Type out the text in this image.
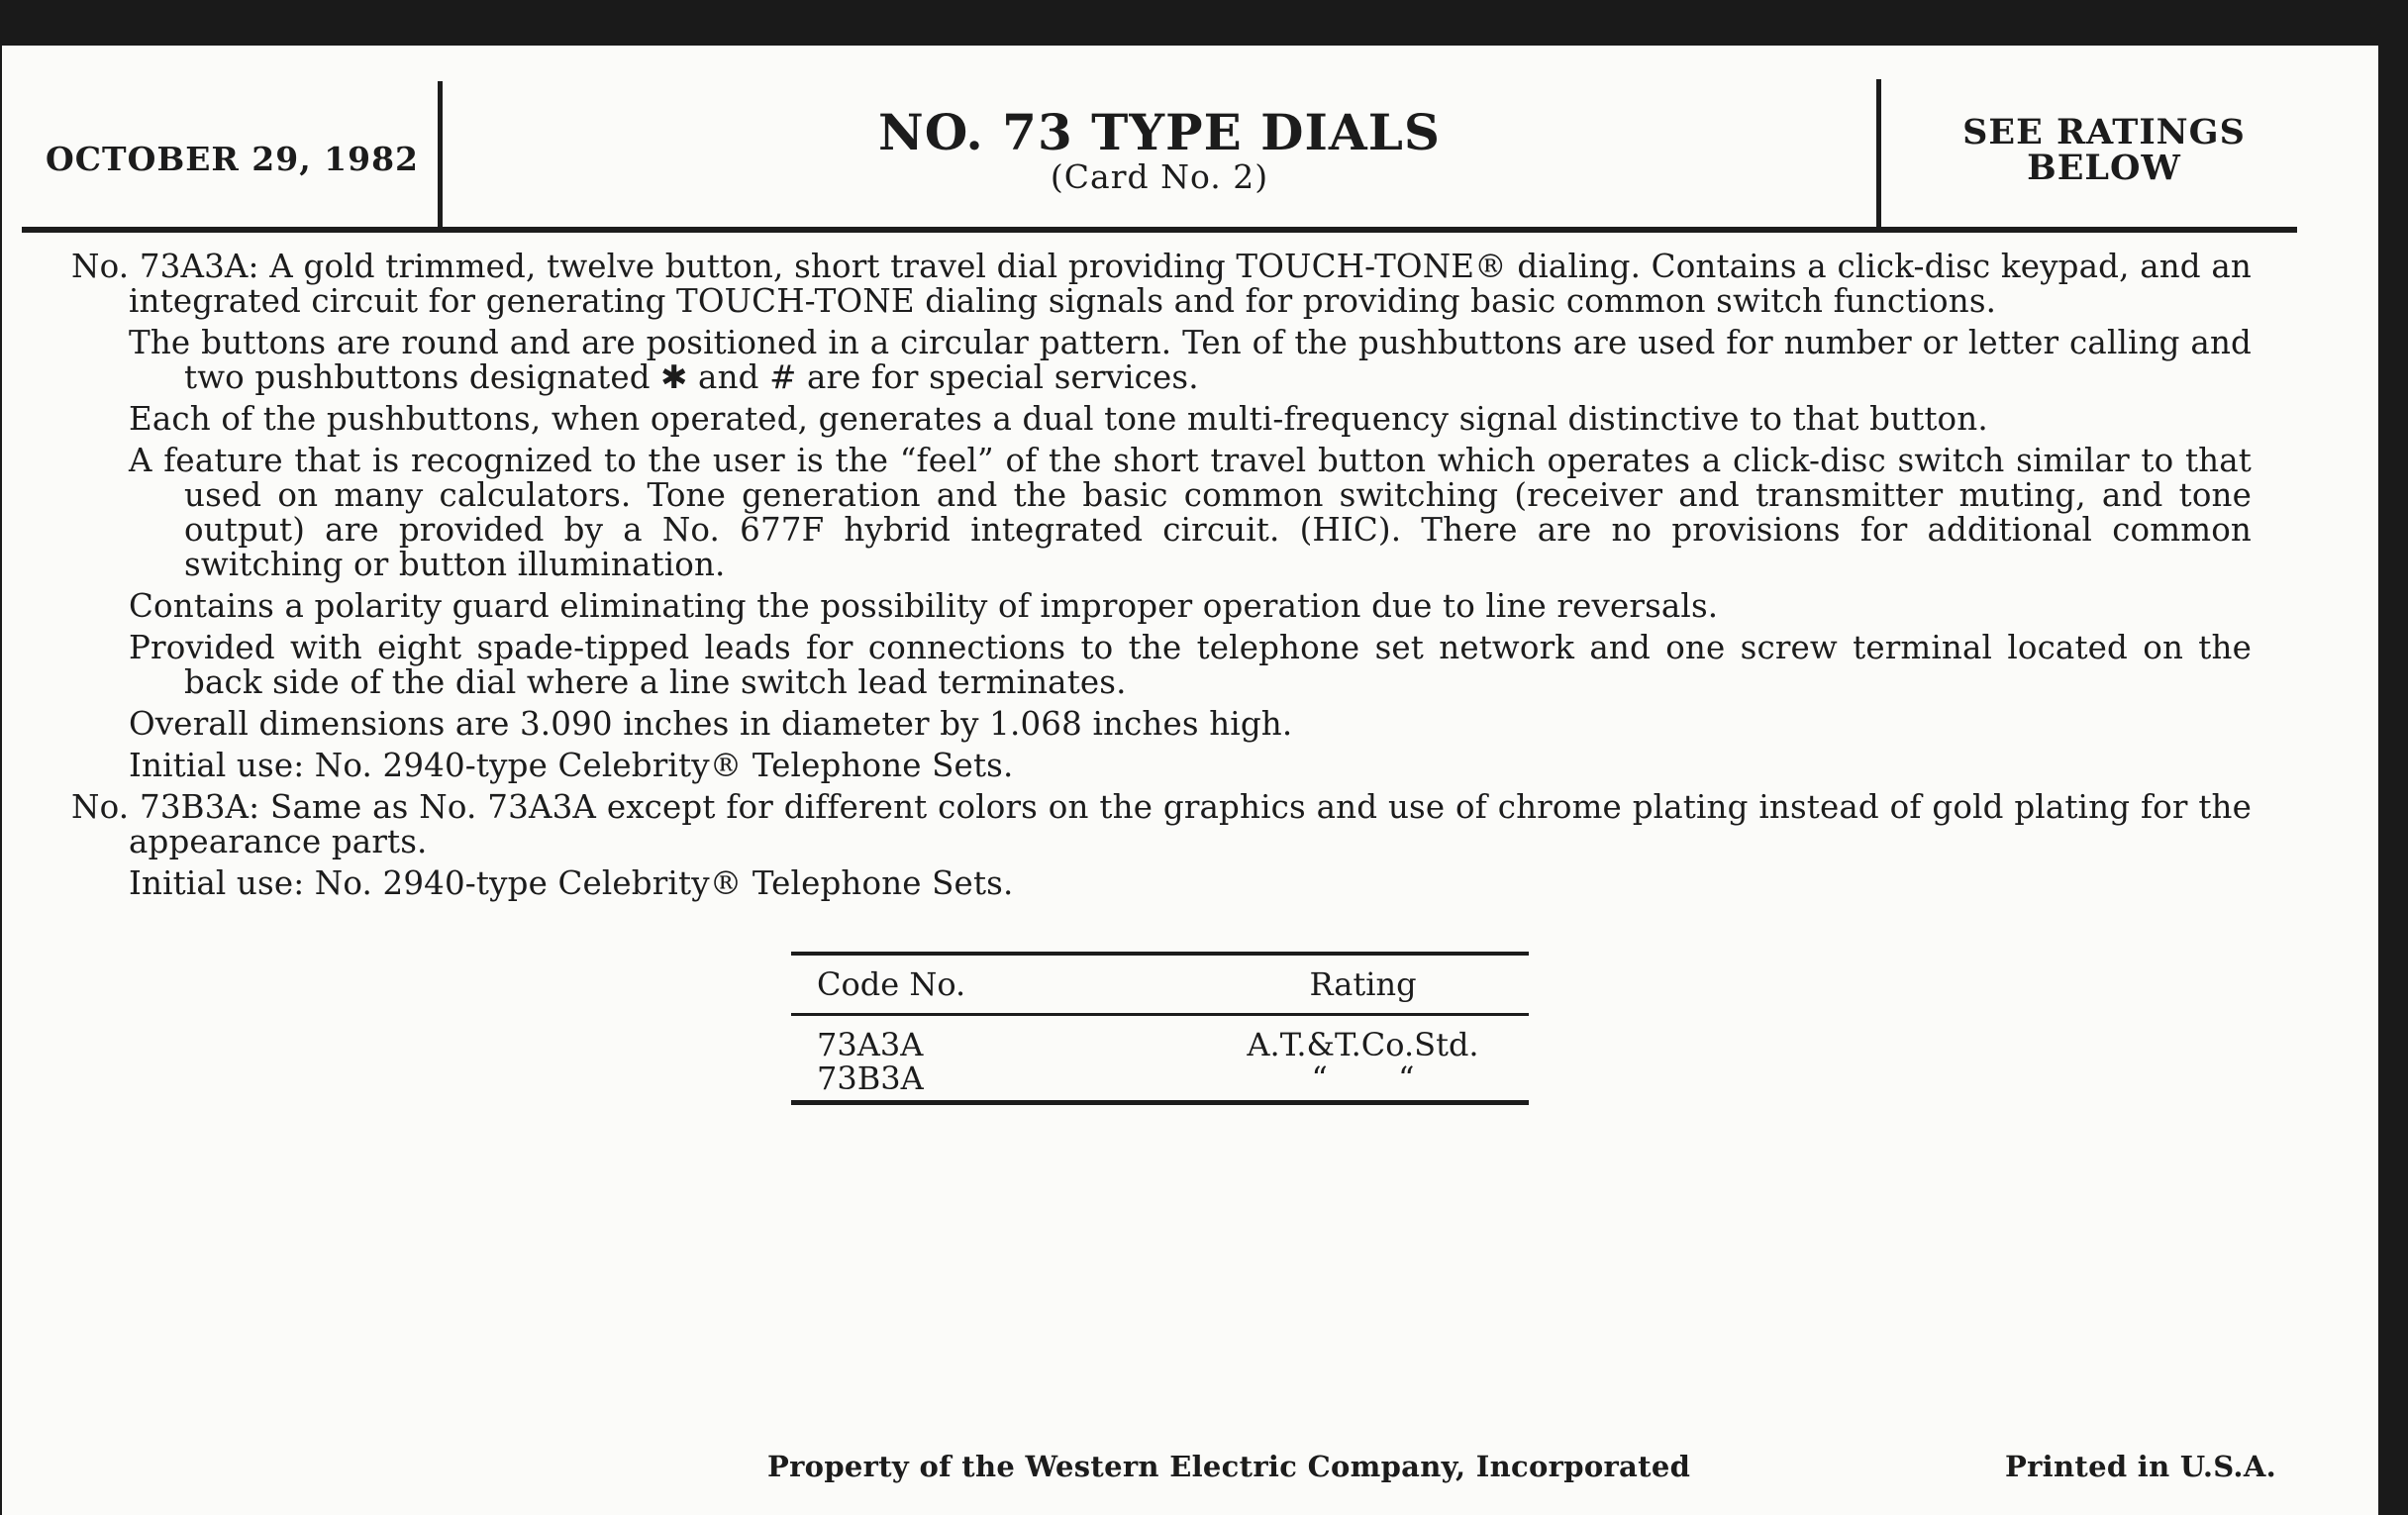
OCTOBER 29, 1982	NO. 73 TYPE DIALS
(Card No. 2)
SEE RATINGS
BELOW
No. 73A3A: A gold trimmed, twelve button, short travel dial providing TOUCH-TONE® dialing. Contains a click-disc keypad, and an integrated circuit for generating TOUCH-TONE dialing signals and for providing basic common switch functions.
The buttons are round and are positioned in a circular pattern. Ten of the pushbuttons are used for number or letter calling and two pushbuttons designated ✱ and # are for special services.
Each of the pushbuttons, when operated, generates a dual tone multi-frequency signal distinctive to that button.
A feature that is recognized to the user is the “feel” of the short travel button which operates a click-disc switch similar to that used on many calculators. Tone generation and the basic common switching (receiver and transmitter muting, and tone output) are provided by a No. 677F hybrid integrated circuit. (HIC). There are no provisions for additional common switching or button illumination.
Contains a polarity guard eliminating the possibility of improper operation due to line reversals.
Provided with eight spade-tipped leads for connections to the telephone set network and one screw terminal located on the back side of the dial where a line switch lead terminates.
Overall dimensions are 3.090 inches in diameter by 1.068 inches high.
Initial use: No. 2940-type Celebrity® Telephone Sets.
No. 73B3A: Same as No. 73A3A except for different colors on the graphics and use of chrome plating instead of gold plating for the appearance parts.
Initial use: No. 2940-type Celebrity® Telephone Sets.
Code No.	Rating
73A3A	A.T.&T.Co.Std.
73B3A	“       “
Property of the Western Electric Company, Incorporated	Printed in U.S.A.
